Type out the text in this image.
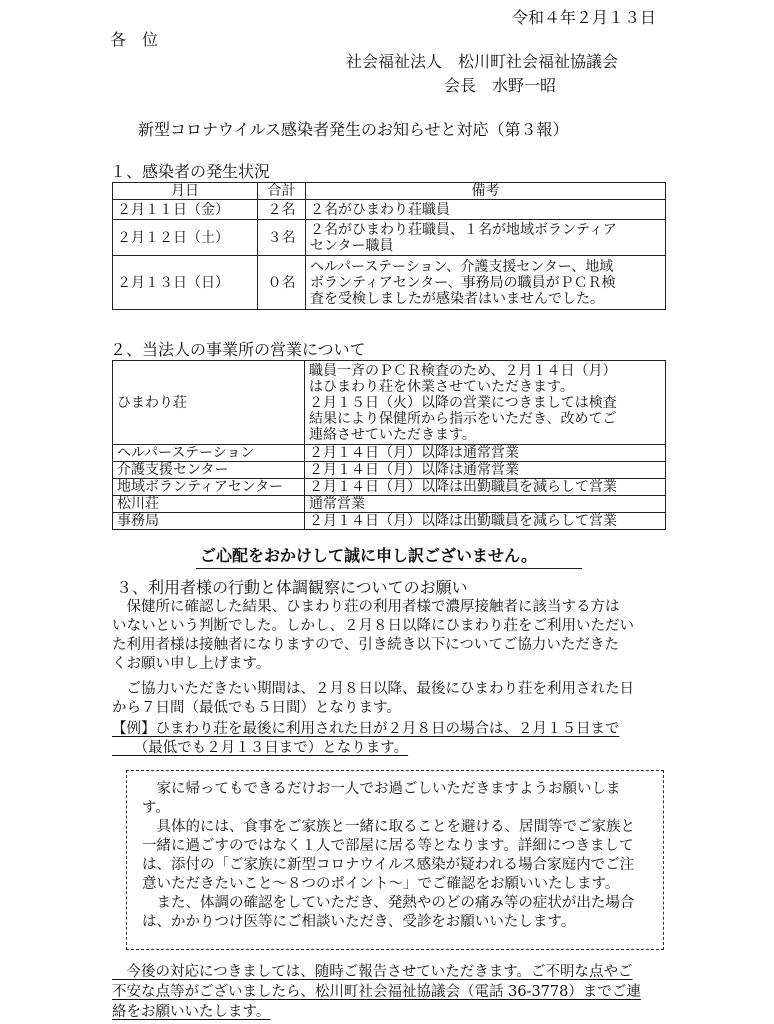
令和４年２月１３日
各　位
社会福祉法人　松川町社会福祉協議会
会長　水野一昭
新型コロナウイルス感染者発生のお知らせと対応（第３報）
１、感染者の発生状況
月日	合計	備考
２月１１日（金）	２名	２名がひまわり荘職員
２月１２日（土）	３名	２名がひまわり荘職員、１名が地域ボランティア
センター職員
２月１３日（日）	０名	ヘルパーステーション、介護支援センター、地域
ボランティアセンター、事務局の職員がＰＣＲ検
査を受検しましたが感染者はいませんでした。
２、当法人の事業所の営業について
ひまわり荘	職員一斉のＰＣＲ検査のため、２月１４日（月）
はひまわり荘を休業させていただきます。
２月１５日（火）以降の営業につきましては検査
結果により保健所から指示をいただき、改めてご
連絡させていただきます。
ヘルパーステーション	２月１４日（月）以降は通常営業
介護支援センター	２月１４日（月）以降は通常営業
地域ボランティアセンター	２月１４日（月）以降は出勤職員を減らして営業
松川荘	通常営業
事務局	２月１４日（月）以降は出勤職員を減らして営業
ご心配をおかけして誠に申し訳ございません。
３、利用者様の行動と体調観察についてのお願い
　保健所に確認した結果、ひまわり荘の利用者様で濃厚接触者に該当する方は
いないという判断でした。しかし、２月８日以降にひまわり荘をご利用いただい
た利用者様は接触者になりますので、引き続き以下についてご協力いただきた
くお願い申し上げます。
　ご協力いただきたい期間は、２月８日以降、最後にひまわり荘を利用された日
から７日間（最低でも５日間）となります。
【例】ひまわり荘を最後に利用された日が２月８日の場合は、２月１５日まで
　　（最低でも２月１３日まで）となります。
　家に帰ってもできるだけお一人でお過ごしいただきますようお願いしま
す。
　具体的には、食事をご家族と一緒に取ることを避ける、居間等でご家族と
一緒に過ごすのではなく１人で部屋に居る等となります。詳細につきまして
は、添付の「ご家族に新型コロナウイルス感染が疑われる場合家庭内でご注
意いただきたいこと～８つのポイント～」でご確認をお願いいたします。
　また、体調の確認をしていただき、発熱やのどの痛み等の症状が出た場合
は、かかりつけ医等にご相談いただき、受診をお願いいたします。
　今後の対応につきましては、随時ご報告させていただきます。ご不明な点やご
不安な点等がございましたら、松川町社会福祉協議会（電話 36-3778）までご連
絡をお願いいたします。
